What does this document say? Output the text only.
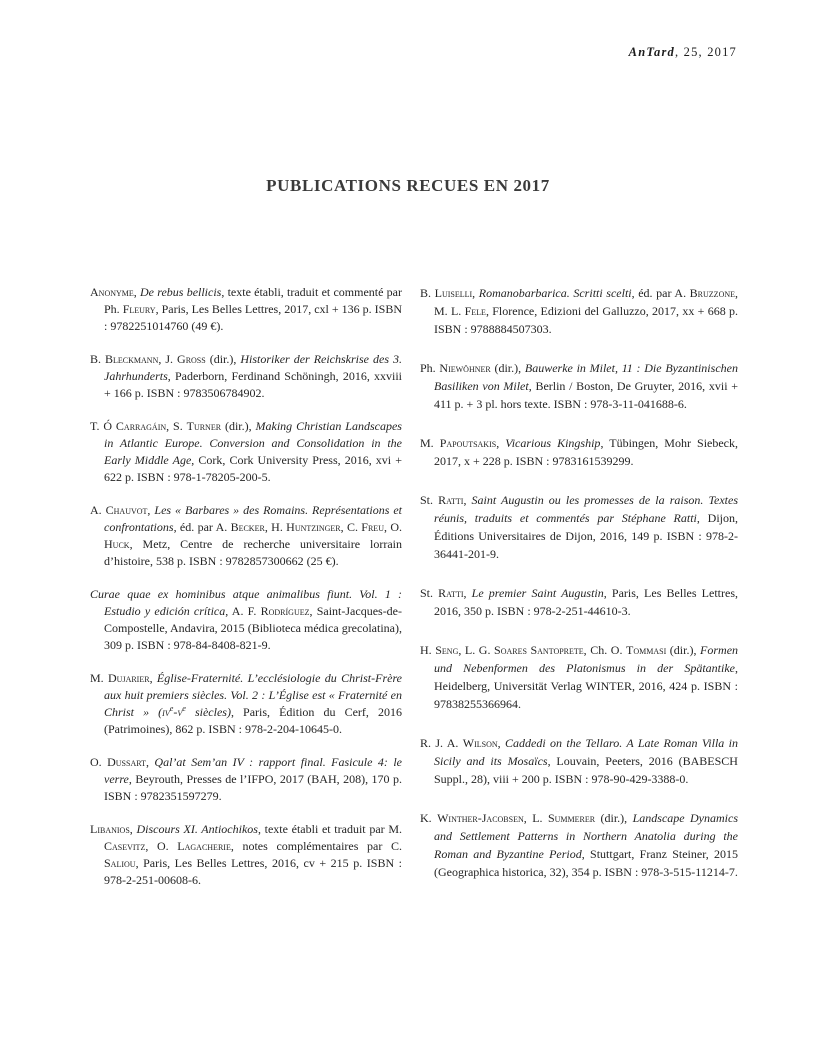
AnTard, 25, 2017
PUBLICATIONS RECUES EN 2017

Anonyme, De rebus bellicis, texte établi, traduit et commenté par Ph. Fleury, Paris, Les Belles Lettres, 2017, cxl + 136 p. ISBN : 9782251014760 (49 €).

B. Bleckmann, J. Gross (dir.), Historiker der Reichskrise des 3. Jahrhunderts, Paderborn, Ferdinand Schöningh, 2016, xxviii + 166 p. ISBN : 9783506784902.

T. Ó Carragáin, S. Turner (dir.), Making Christian Landscapes in Atlantic Europe. Conversion and Consolidation in the Early Middle Age, Cork, Cork University Press, 2016, xvi + 622 p. ISBN : 978-1-78205-200-5.

A. Chauvot, Les « Barbares » des Romains. Représentations et confrontations, éd. par A. Becker, H. Huntzinger, C. Freu, O. Huck, Metz, Centre de recherche universitaire lorrain d’histoire, 538 p. ISBN : 9782857300662 (25 €).

Curae quae ex hominibus atque animalibus fiunt. Vol. 1 : Estudio y edición crítica, A. F. Rodríguez, Saint-Jacques-de-Compostelle, Andavira, 2015 (Biblioteca médica grecolatina), 309 p. ISBN : 978-84-8408-821-9.

M. Dujarier, Église-Fraternité. L’ecclésiologie du Christ-Frère aux huit premiers siècles. Vol. 2 : L’Église est « Fraternité en Christ » ($iv^e-v^e$ siècles), Paris, Édition du Cerf, 2016 (Patrimoines), 862 p. ISBN : 978-2-204-10645-0.

O. Dussart, Qal’at Sem’an IV : rapport final. Fasicule 4: le verre, Beyrouth, Presses de l’IFPO, 2017 (BAH, 208), 170 p. ISBN : 9782351597279.

Libanios, Discours XI. Antiochikos, texte établi et traduit par M. Casevitz, O. Lagacherie, notes complémentaires par C. Saliou, Paris, Les Belles Lettres, 2016, cv + 215 p. ISBN : 978-2-251-00608-6.

B. Luiselli, Romanobarbarica. Scritti scelti, éd. par A. Bruzzone, M. L. Fele, Florence, Edizioni del Galluzzo, 2017, xx + 668 p. ISBN : 9788884507303.

Ph. Niewöhner (dir.), Bauwerke in Milet, 11 : Die Byzantinischen Basiliken von Milet, Berlin / Boston, De Gruyter, 2016, xvii + 411 p. + 3 pl. hors texte. ISBN : 978-3-11-041688-6.

M. Papoutsakis, Vicarious Kingship, Tübingen, Mohr Siebeck, 2017, x + 228 p. ISBN : 9783161539299.

St. Ratti, Saint Augustin ou les promesses de la raison. Textes réunis, traduits et commentés par Stéphane Ratti, Dijon, Éditions Universitaires de Dijon, 2016, 149 p. ISBN : 978-2-36441-201-9.

St. Ratti, Le premier Saint Augustin, Paris, Les Belles Lettres, 2016, 350 p. ISBN : 978-2-251-44610-3.

H. Seng, L. G. Soares Santoprete, Ch. O. Tommasi (dir.), Formen und Nebenformen des Platonismus in der Spätantike, Heidelberg, Universität Verlag WINTER, 2016, 424 p. ISBN : 97838255366964.

R. J. A. Wilson, Caddedi on the Tellaro. A Late Roman Villa in Sicily and its Mosaïcs, Louvain, Peeters, 2016 (BABESCH Suppl., 28), viii + 200 p. ISBN : 978-90-429-3388-0.

K. Winther-Jacobsen, L. Summerer (dir.), Landscape Dynamics and Settlement Patterns in Northern Anatolia during the Roman and Byzantine Period, Stuttgart, Franz Steiner, 2015 (Geographica historica, 32), 354 p. ISBN : 978-3-515-11214-7.
